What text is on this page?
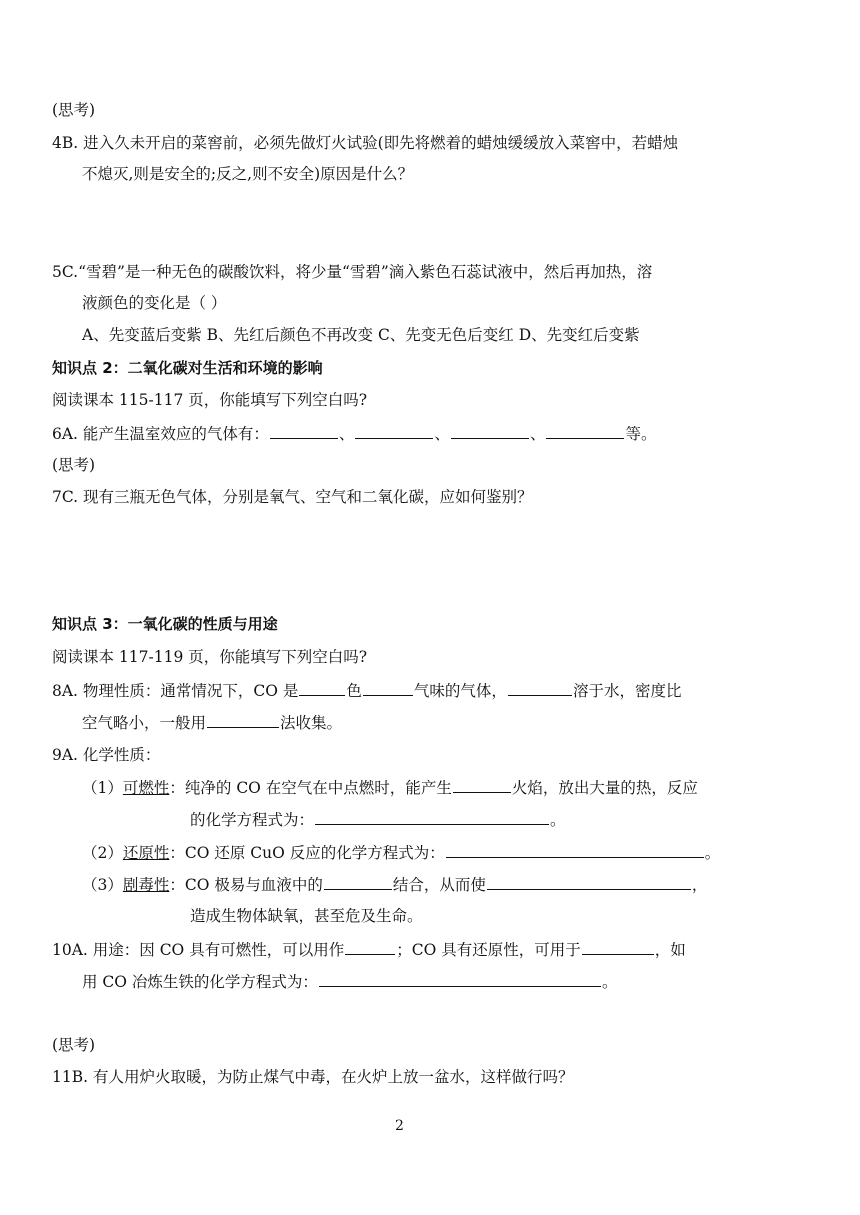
(思考)
4B. 进入久未开启的菜窖前，必须先做灯火试验(即先将燃着的蜡烛缓缓放入菜窖中，若蜡烛
不熄灭,则是安全的;反之,则不安全)原因是什么？
5C.“雪碧”是一种无色的碳酸饮料，将少量“雪碧”滴入紫色石蕊试液中，然后再加热，溶
液颜色的变化是（ ）
A、先变蓝后变紫 B、先红后颜色不再改变 C、先变无色后变红 D、先变红后变紫
知识点 2：二氧化碳对生活和环境的影响
阅读课本 115-117 页，你能填写下列空白吗?
6A. 能产生温室效应的气体有：	、	、	、	等。
(思考)
7C. 现有三瓶无色气体，分别是氧气、空气和二氧化碳，应如何鉴别？
知识点 3：一氧化碳的性质与用途
阅读课本 117-119 页，你能填写下列空白吗?
8A. 物理性质：通常情况下，CO 是	色	气味的气体，	溶于水，密度比
空气略小，一般用	法收集。
9A. 化学性质：
（1）可燃性：纯净的 CO 在空气在中点燃时，能产生	火焰，放出大量的热，反应
的化学方程式为：	。
（2）还原性：CO 还原 CuO 反应的化学方程式为：	。
（3）剧毒性：CO 极易与血液中的	结合，从而使	，
造成生物体缺氧，甚至危及生命。
10A. 用途：因 CO 具有可燃性，可以用作	；CO 具有还原性，可用于	，如
用 CO 冶炼生铁的化学方程式为：	。
(思考)
11B. 有人用炉火取暖，为防止煤气中毒，在火炉上放一盆水，这样做行吗？
2
